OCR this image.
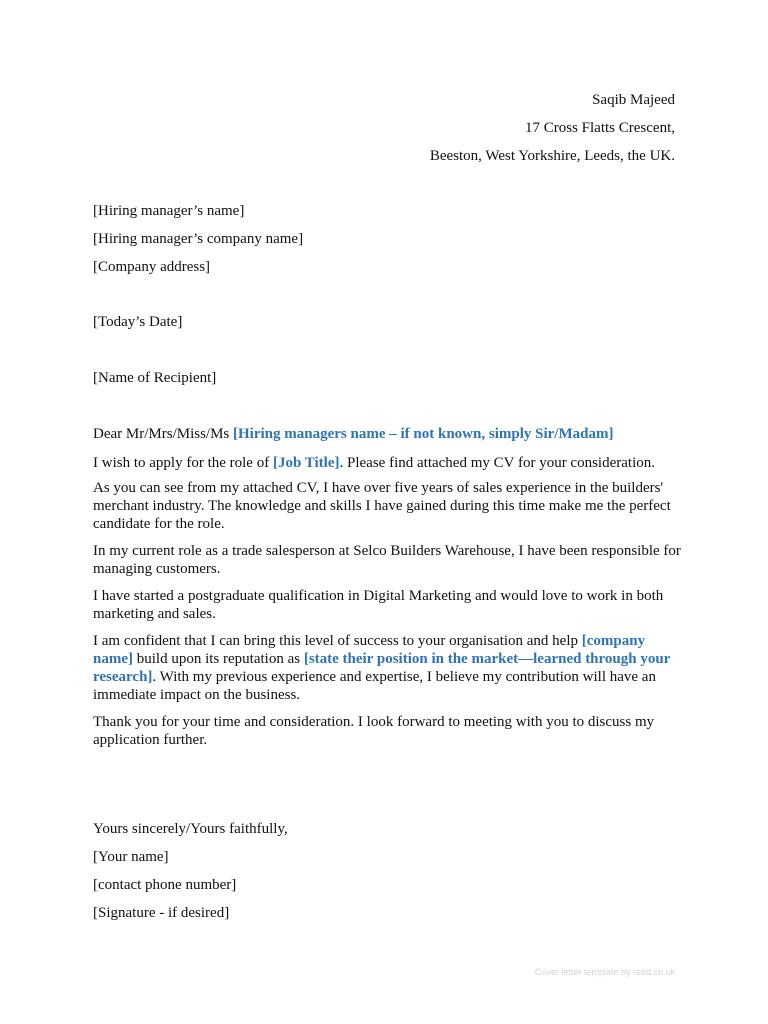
Saqib Majeed
17 Cross Flatts Crescent,
Beeston, West Yorkshire, Leeds, the UK.
[Hiring manager’s name]
[Hiring manager’s company name]
[Company address]
[Today’s Date]
[Name of Recipient]

Dear Mr/Mrs/Miss/Ms [Hiring managers name – if not known, simply Sir/Madam]

I wish to apply for the role of [Job Title]. Please find attached my CV for your consideration.

As you can see from my attached CV, I have over five years of sales experience in the builders' merchant industry. The knowledge and skills I have gained during this time make me the perfect candidate for the role.

In my current role as a trade salesperson at Selco Builders Warehouse, I have been responsible for managing customers.

I have started a postgraduate qualification in Digital Marketing and would love to work in both marketing and sales.

I am confident that I can bring this level of success to your organisation and help [company name] build upon its reputation as [state their position in the market—learned through your research]. With my previous experience and expertise, I believe my contribution will have an immediate impact on the business.

Thank you for your time and consideration. I look forward to meeting with you to discuss my application further.

Yours sincerely/Yours faithfully,
[Your name]
[contact phone number]
[Signature - if desired]
Cover letter template by reed.co.uk
